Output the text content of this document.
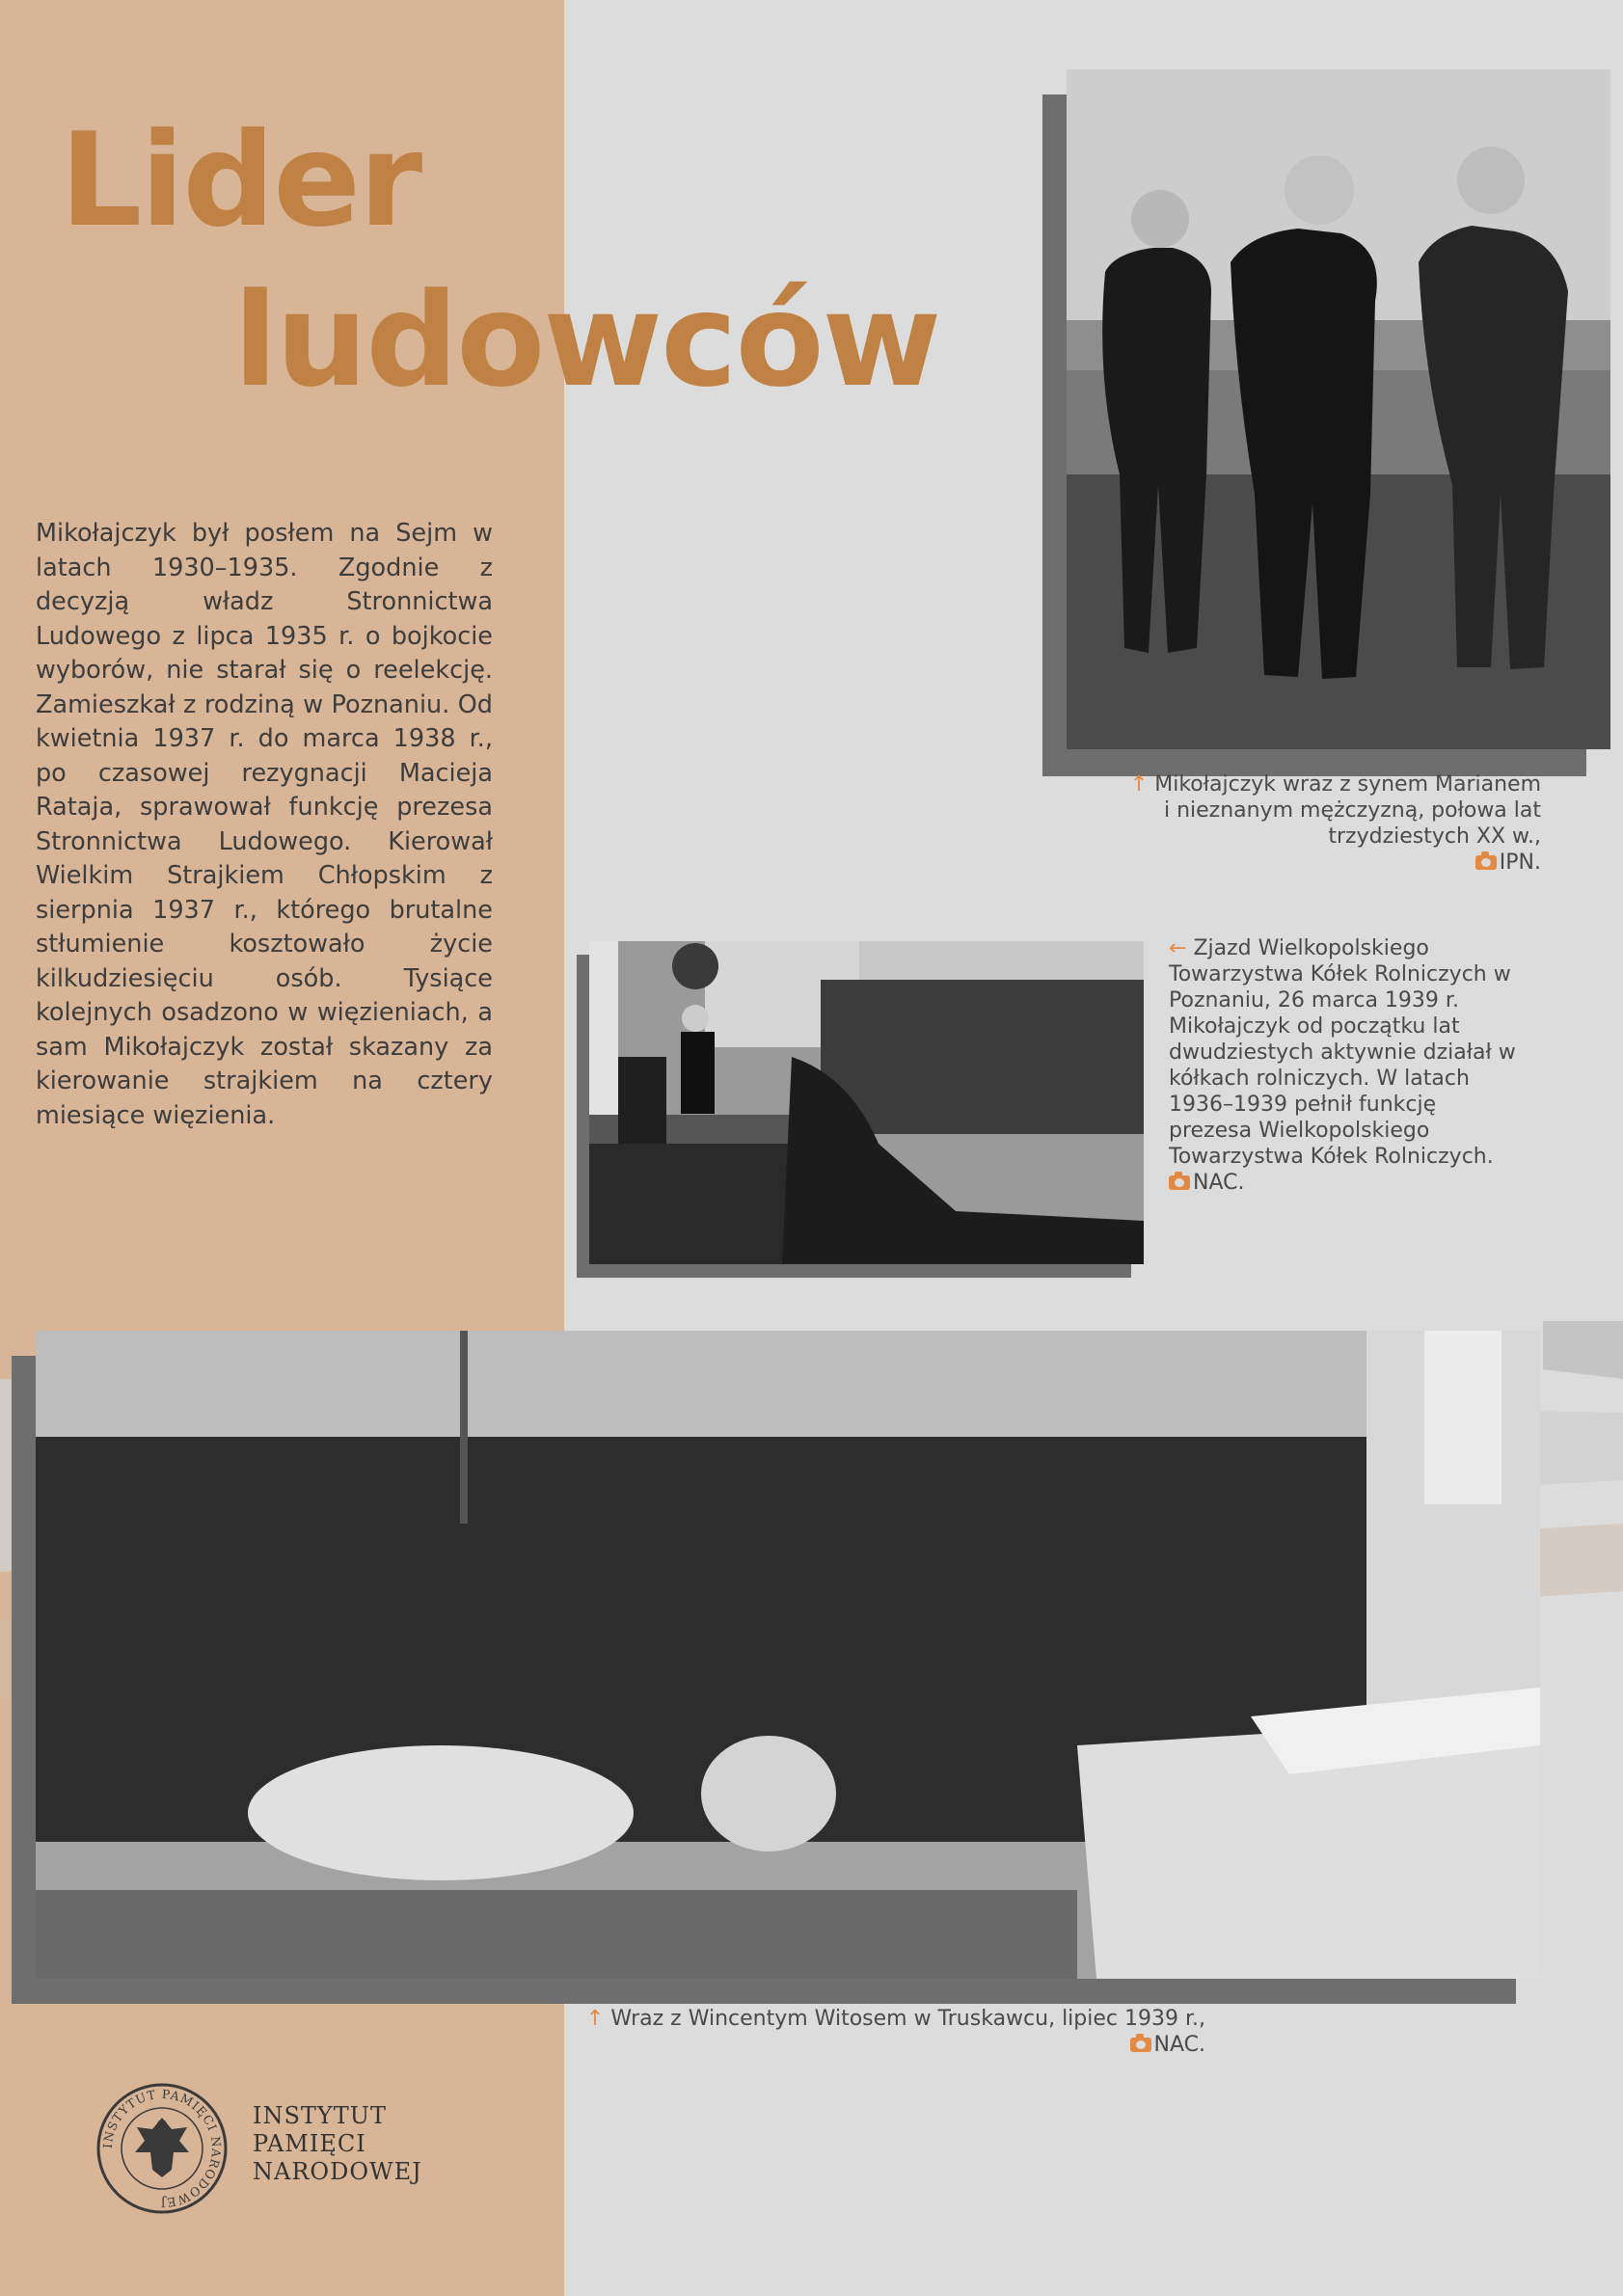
Lider
ludowców

Mikołajczyk był posłem na Sejm w latach 1930–1935. Zgodnie z decyzją władz Stronnictwa Ludowego z lipca 1935 r. o bojkocie wyborów, nie starał się o reelekcję. Zamieszkał z rodziną w Poznaniu. Od kwietnia 1937 r. do marca 1938 r., po czasowej rezygnacji Macieja Rataja, sprawował funkcję prezesa Stronnictwa Ludowego. Kierował Wielkim Strajkiem Chłopskim z sierpnia 1937 r., którego brutalne stłumienie kosztowało życie kilkudziesięciu osób. Tysiące kolejnych osadzono w więzieniach, a sam Mikołajczyk został skazany za kierowanie strajkiem na cztery miesiące więzienia.

↑ Mikołajczyk wraz z synem Marianem i nieznanym mężczyzną, połowa lat trzydziestych XX w.,
IPN.
← Zjazd Wielkopolskiego Towarzystwa Kółek Rolniczych w Poznaniu, 26 marca 1939 r. Mikołajczyk od początku lat dwudziestych aktywnie działał w kółkach rolniczych. W latach 1936–1939 pełnił funkcję prezesa Wielkopolskiego Towarzystwa Kółek Rolniczych.
NAC.
↑ Wraz z Wincentym Witosem w Truskawcu, lipiec 1939 r.,
NAC.
INSTYTUT PAMIĘCI NARODOWEJ
INSTYTUT
PAMIĘCI
NARODOWEJ
